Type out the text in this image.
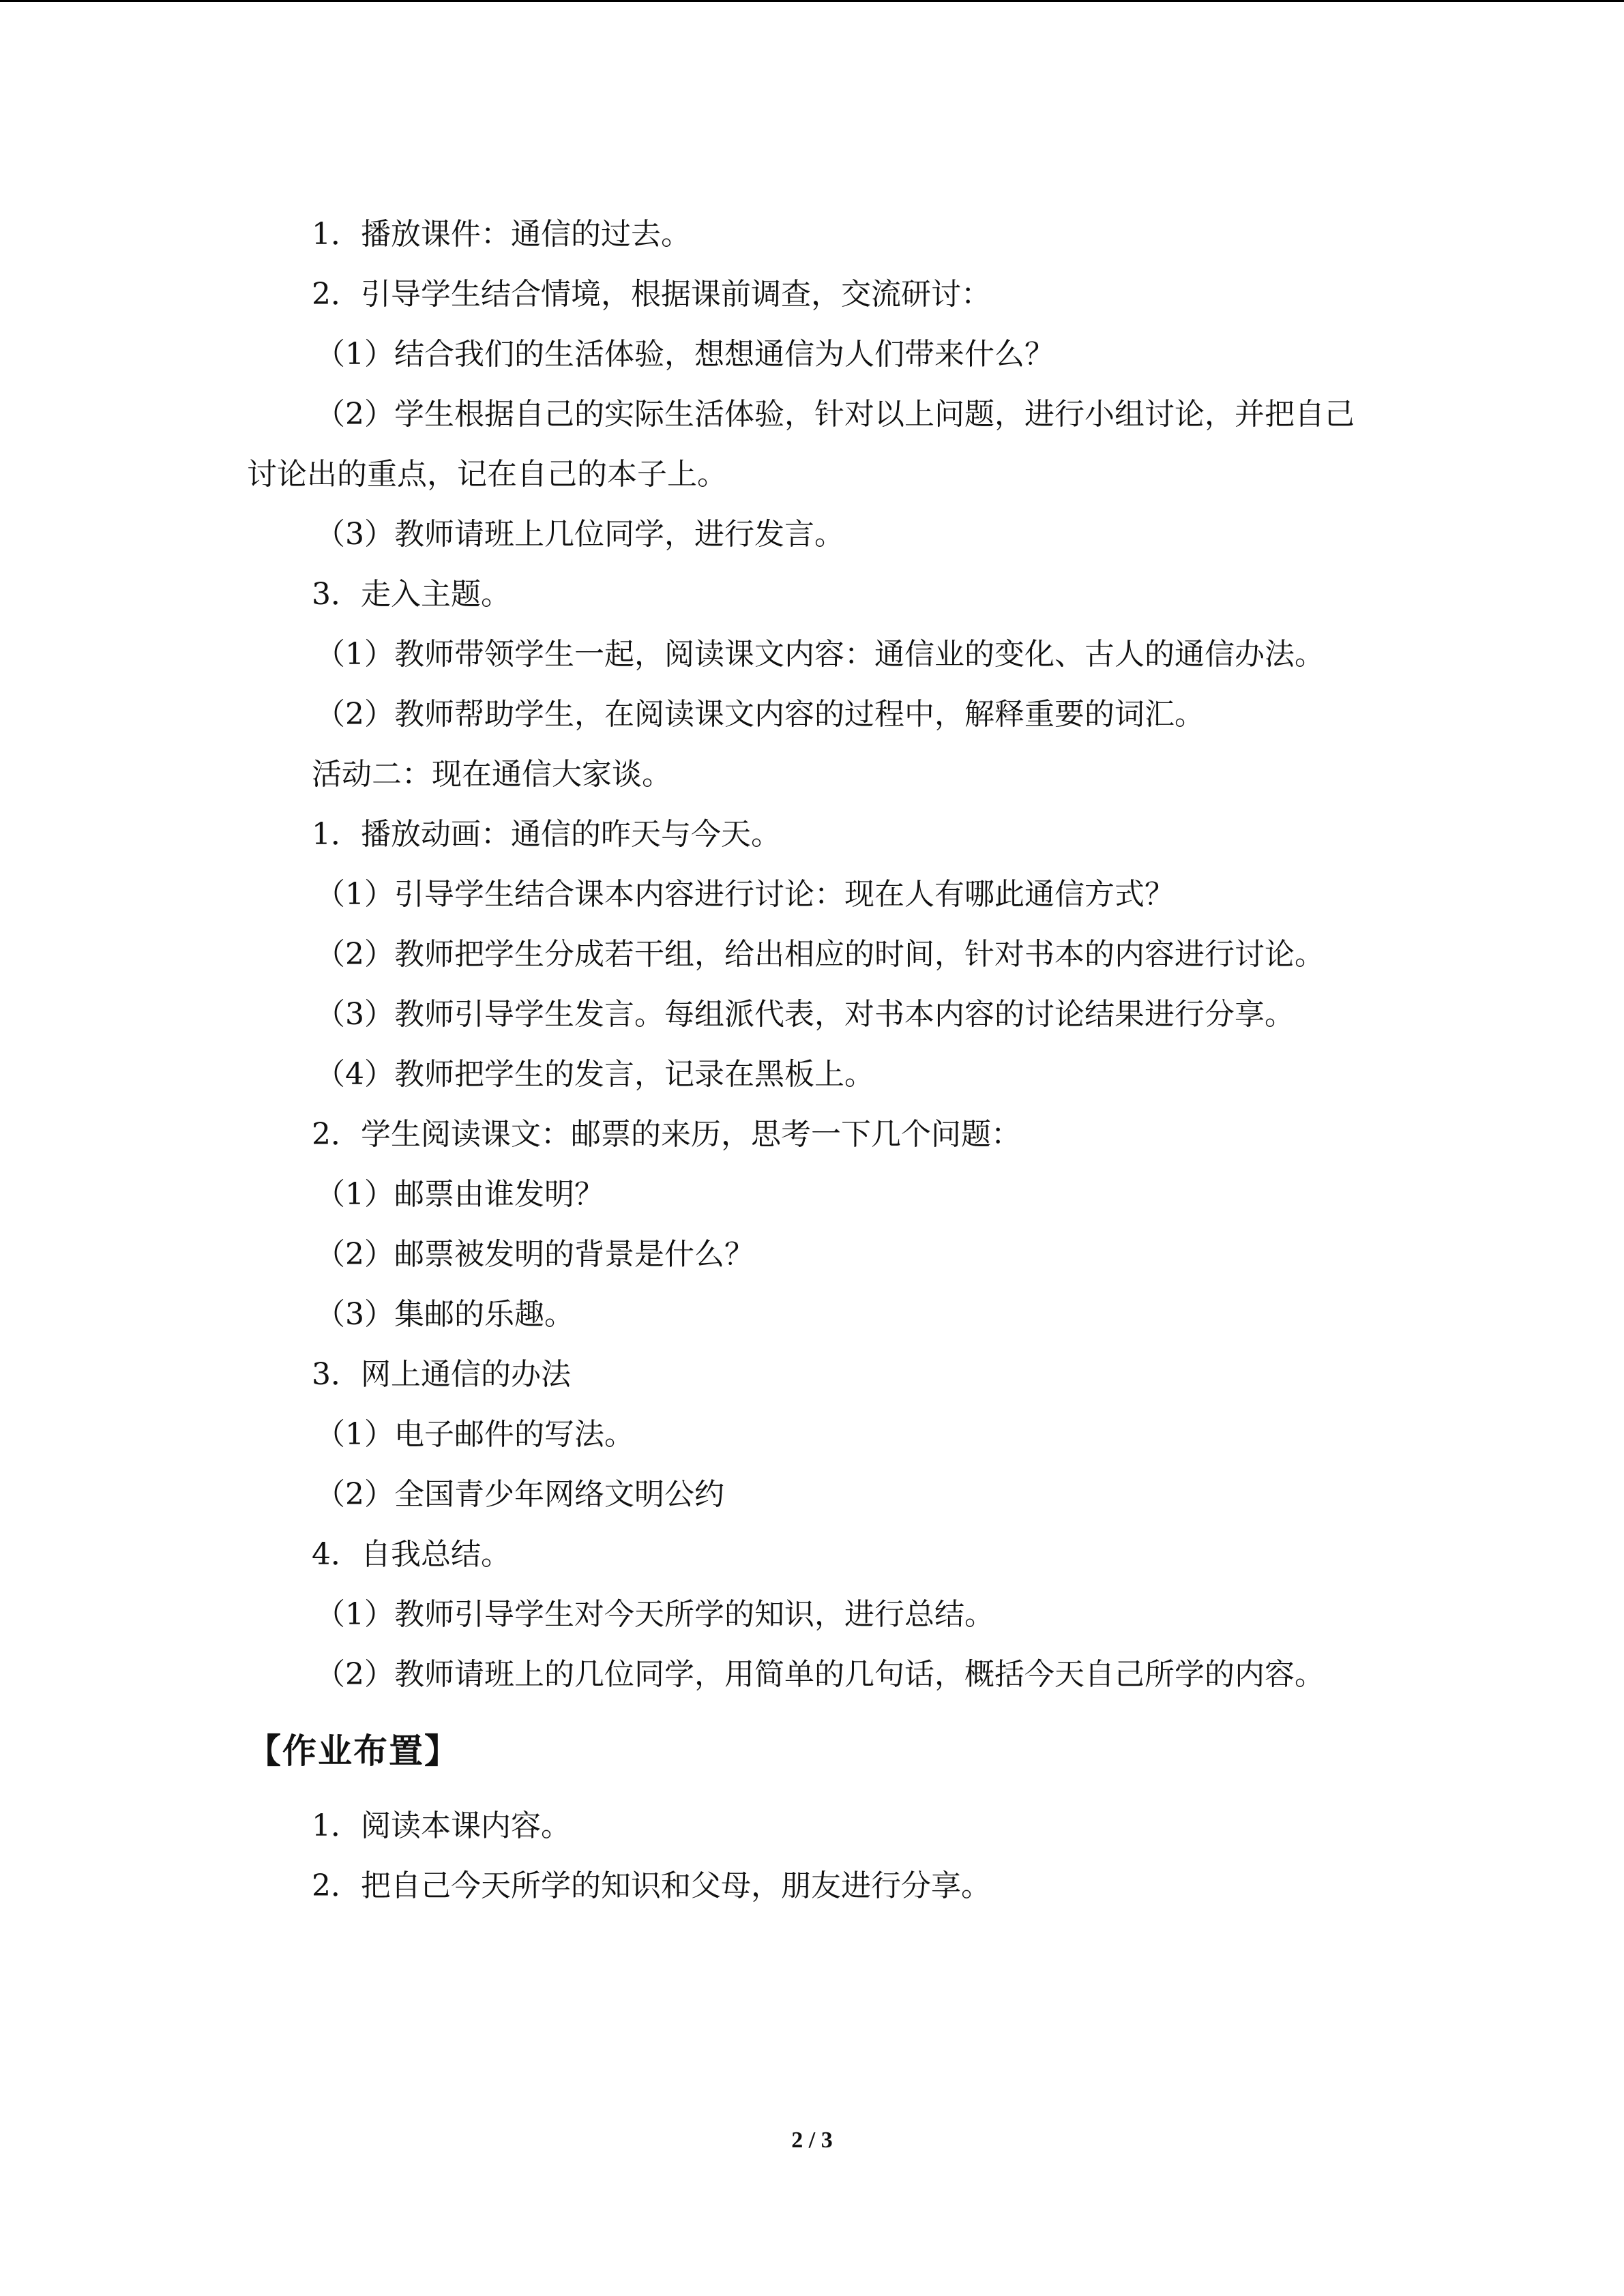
1．播放课件：通信的过去。

2．引导学生结合情境，根据课前调查，交流研讨：

（1）结合我们的生活体验，想想通信为人们带来什么？

（2）学生根据自己的实际生活体验，针对以上问题，进行小组讨论，并把自己讨论出的重点，记在自己的本子上。

（3）教师请班上几位同学，进行发言。

3．走入主题。

（1）教师带领学生一起，阅读课文内容：通信业的变化、古人的通信办法。

（2）教师帮助学生，在阅读课文内容的过程中，解释重要的词汇。

活动二：现在通信大家谈。

1．播放动画：通信的昨天与今天。

（1）引导学生结合课本内容进行讨论：现在人有哪此通信方式？

（2）教师把学生分成若干组，给出相应的时间，针对书本的内容进行讨论。

（3）教师引导学生发言。每组派代表，对书本内容的讨论结果进行分享。

（4）教师把学生的发言，记录在黑板上。

2．学生阅读课文：邮票的来历，思考一下几个问题：

（1）邮票由谁发明？

（2）邮票被发明的背景是什么？

（3）集邮的乐趣。

3．网上通信的办法

（1）电子邮件的写法。

（2）全国青少年网络文明公约

4．自我总结。

（1）教师引导学生对今天所学的知识，进行总结。

（2）教师请班上的几位同学，用简单的几句话，概括今天自己所学的内容。

【作业布置】

1．阅读本课内容。

2．把自己今天所学的知识和父母，朋友进行分享。

2 / 3
